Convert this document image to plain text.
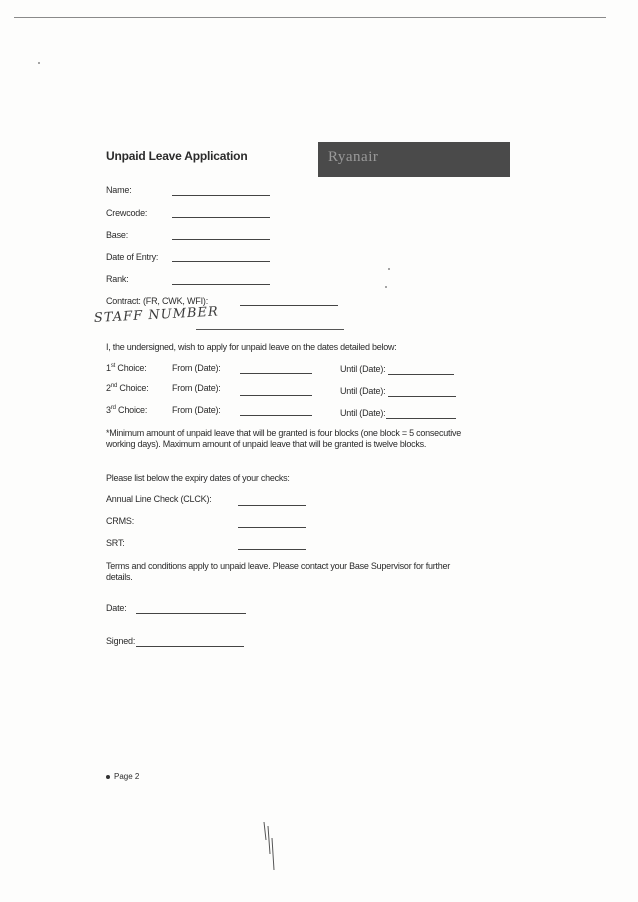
Unpaid Leave Application	Ryanair
Name:
Crewcode:
Base:
Date of Entry:
Rank:
Contract: (FR, CWK, WFI):
STAFF NUMBER
I, the undersigned, wish to apply for unpaid leave on the dates detailed below:
1st Choice:	From (Date):	Until (Date):
2nd Choice:	From (Date):	Until (Date):
3rd Choice:	From (Date):	Until (Date):
*Minimum amount of unpaid leave that will be granted is four blocks (one block = 5 consecutive working days). Maximum amount of unpaid leave that will be granted is twelve blocks.
Please list below the expiry dates of your checks:
Annual Line Check (CLCK):
CRMS:
SRT:
Terms and conditions apply to unpaid leave. Please contact your Base Supervisor for further details.
Date:
Signed:
Page 2
